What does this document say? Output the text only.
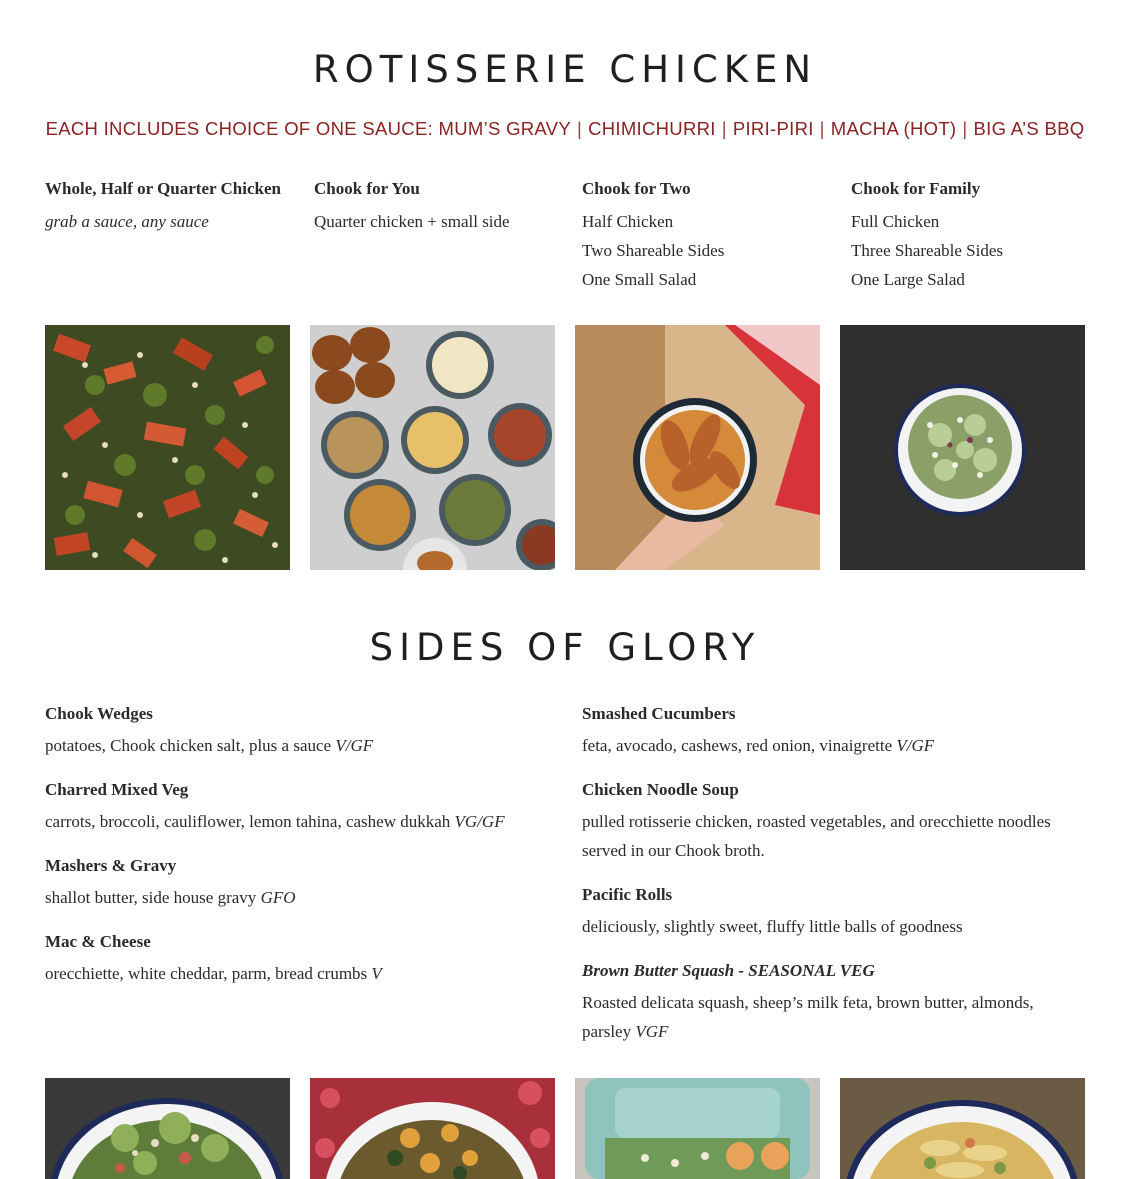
ROTISSERIE CHICKEN
EACH INCLUDES CHOICE OF ONE SAUCE: MUM’S GRAVY | CHIMICHURRI | PIRI-PIRI | MACHA (HOT) | BIG A’S BBQ
Whole, Half or Quarter Chicken
grab a sauce, any sauce
Chook for You
Quarter chicken + small side
Chook for Two
Half Chicken
Two Shareable Sides
One Small Salad
Chook for Family
Full Chicken
Three Shareable Sides
One Large Salad
SIDES OF GLORY
Chook Wedges
potatoes, Chook chicken salt, plus a sauce V/GF
Charred Mixed Veg
carrots, broccoli, cauliflower, lemon tahina, cashew dukkah VG/GF
Mashers & Gravy
shallot butter, side house gravy GFO
Mac & Cheese
orecchiette, white cheddar, parm, bread crumbs V
Smashed Cucumbers
feta, avocado, cashews, red onion, vinaigrette V/GF
Chicken Noodle Soup
pulled rotisserie chicken, roasted vegetables, and orecchiette noodles served in our Chook broth.
Pacific Rolls
deliciously, slightly sweet, fluffy little balls of goodness
Brown Butter Squash - SEASONAL VEG
Roasted delicata squash, sheep’s milk feta, brown butter, almonds, parsley VGF
